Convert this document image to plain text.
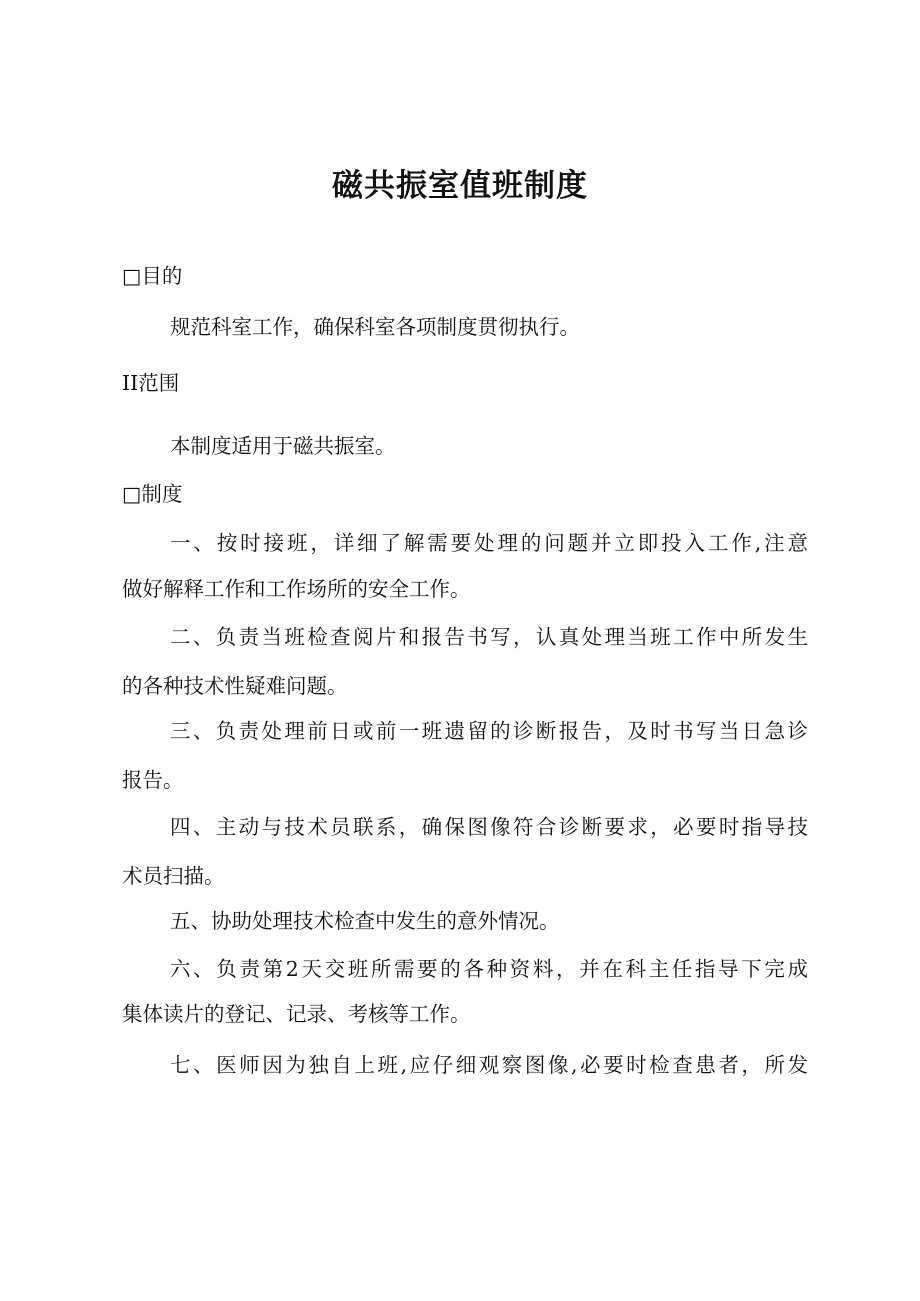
磁共振室值班制度
□目的
规范科室工作，确保科室各项制度贯彻执行。
II范围
本制度适用于磁共振室。
□制度
一、按时接班，详细了解需要处理的问题并立即投入工作,注意
做好解释工作和工作场所的安全工作。
二、负责当班检查阅片和报告书写，认真处理当班工作中所发生
的各种技术性疑难问题。
三、负责处理前日或前一班遗留的诊断报告，及时书写当日急诊
报告。
四、主动与技术员联系，确保图像符合诊断要求，必要时指导技
术员扫描。
五、协助处理技术检查中发生的意外情况。
六、负责第2天交班所需要的各种资料，并在科主任指导下完成
集体读片的登记、记录、考核等工作。
七、医师因为独自上班,应仔细观察图像,必要时检查患者，所发
